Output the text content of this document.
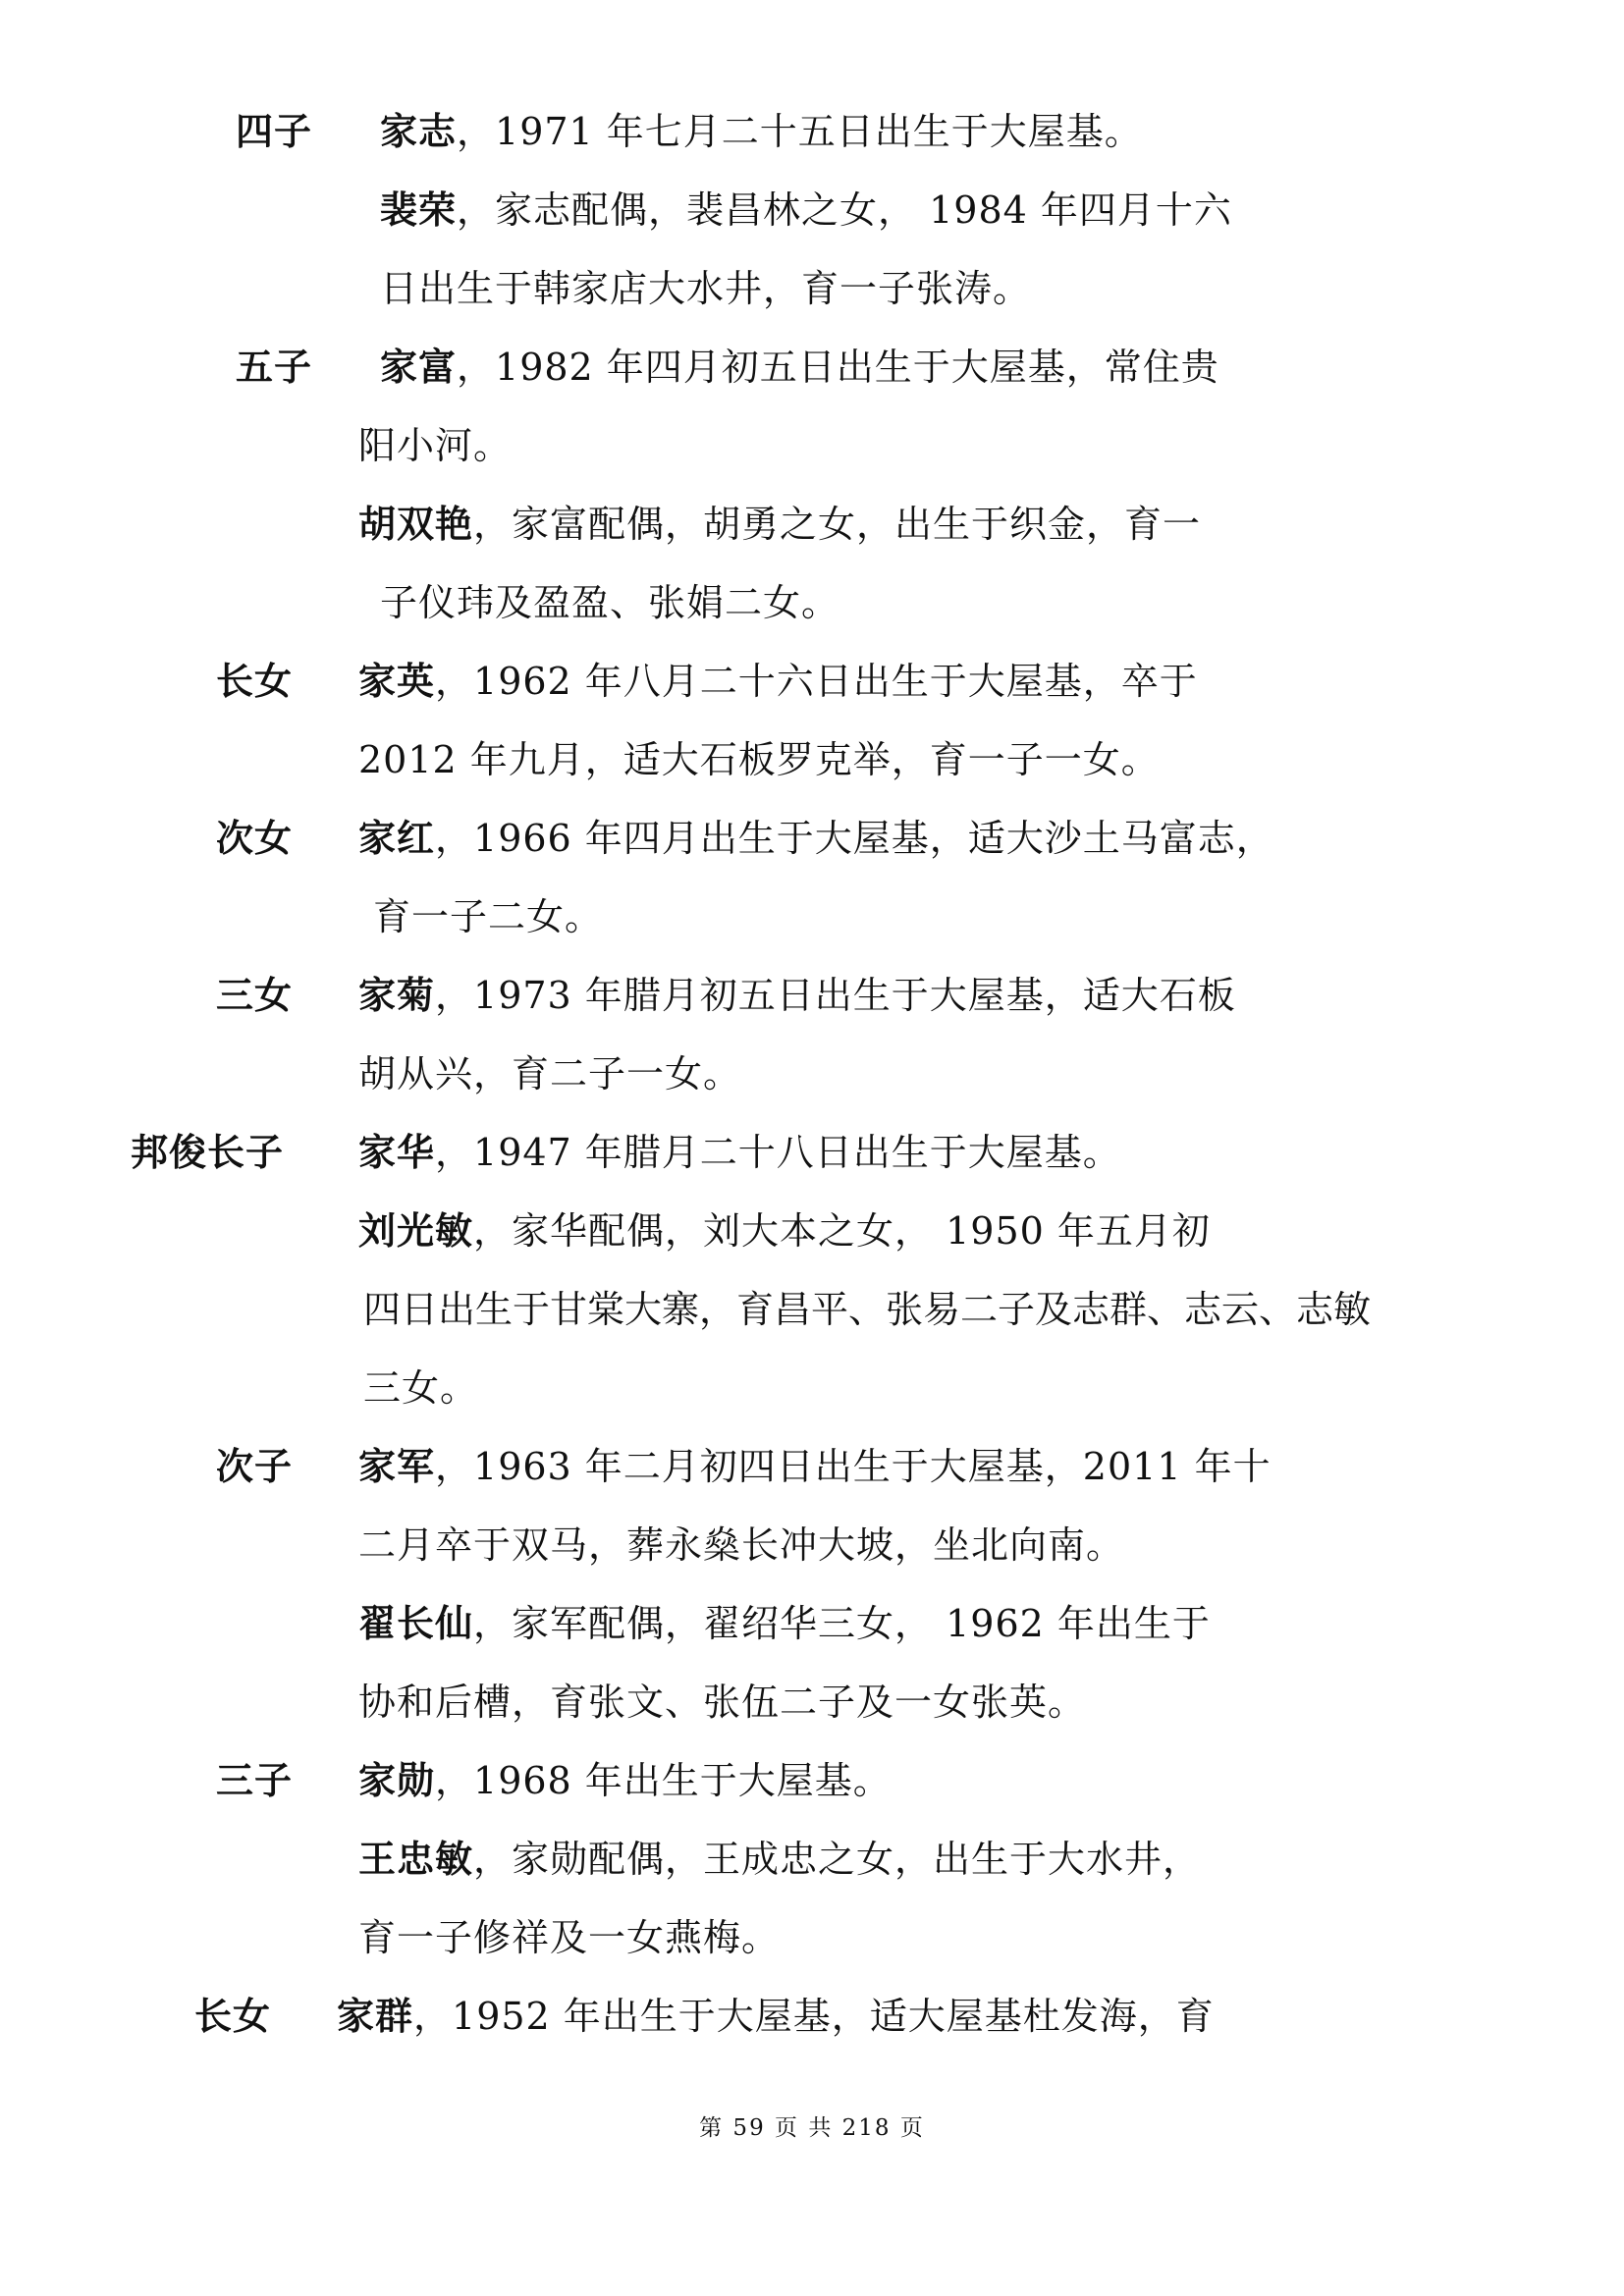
四子 家志，1971 年七月二十五日出生于大屋基。
裴荣，家志配偶，裴昌林之女， 1984 年四月十六
日出生于韩家店大水井，育一子张涛。
五子 家富，1982 年四月初五日出生于大屋基，常住贵
阳小河。
胡双艳，家富配偶，胡勇之女，出生于织金，育一
子仪玮及盈盈、张娟二女。
长女 家英，1962 年八月二十六日出生于大屋基，卒于
2012 年九月，适大石板罗克举，育一子一女。
次女 家红，1966 年四月出生于大屋基，适大沙土马富志，
育一子二女。
三女 家菊，1973 年腊月初五日出生于大屋基，适大石板
胡从兴，育二子一女。
邦俊长子 家华，1947 年腊月二十八日出生于大屋基。
刘光敏，家华配偶，刘大本之女， 1950 年五月初
四日出生于甘棠大寨，育昌平、张易二子及志群、志云、志敏
三女。
次子 家军，1963 年二月初四日出生于大屋基，2011 年十
二月卒于双马，葬永燊长冲大坡，坐北向南。
翟长仙，家军配偶，翟绍华三女， 1962 年出生于
协和后槽，育张文、张伍二子及一女张英。
三子 家勋，1968 年出生于大屋基。
王忠敏，家勋配偶，王成忠之女，出生于大水井，
育一子修祥及一女燕梅。
长女 家群，1952 年出生于大屋基，适大屋基杜发海，育
第 59 页 共 218 页
